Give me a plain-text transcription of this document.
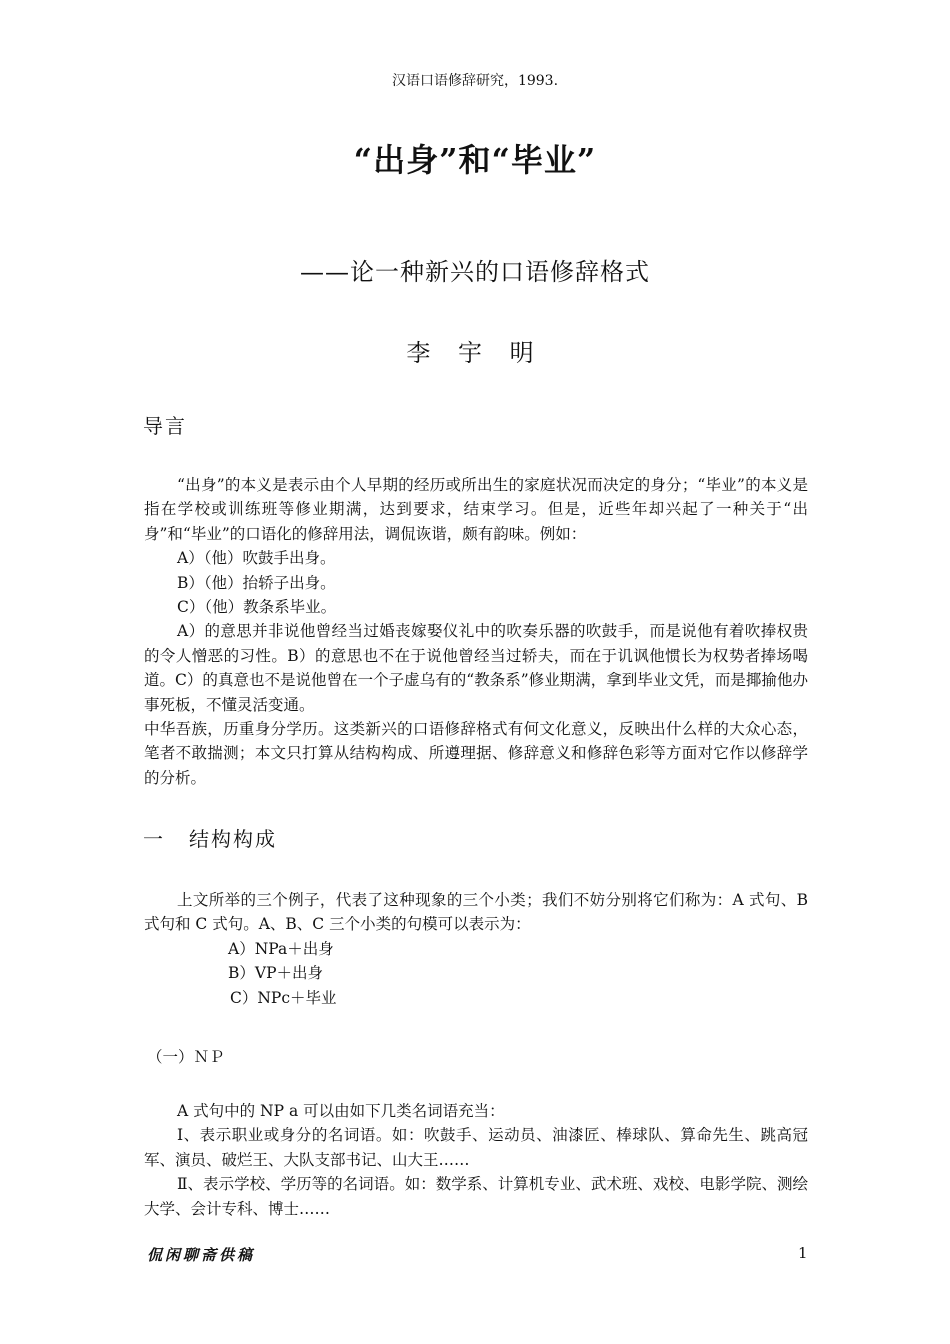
汉语口语修辞研究，1993.
“出身”和“毕业”
——论一种新兴的口语修辞格式
李 宇 明
导言

“出身”的本义是表示由个人早期的经历或所出生的家庭状况而决定的身分；“毕业”的本义是指在学校或训练班等修业期满，达到要求，结束学习。但是，近些年却兴起了一种关于“出身”和“毕业”的口语化的修辞用法，调侃诙谐，颇有韵味。例如：

A）（他）吹鼓手出身。

B）（他）抬轿子出身。

C）（他）教条系毕业。

A）的意思并非说他曾经当过婚丧嫁娶仪礼中的吹奏乐器的吹鼓手，而是说他有着吹捧权贵的令人憎恶的习性。B）的意思也不在于说他曾经当过轿夫，而在于讥讽他惯长为权势者捧场喝道。C）的真意也不是说他曾在一个子虚乌有的“教条系”修业期满，拿到毕业文凭，而是揶揄他办事死板，不懂灵活变通。

中华吾族，历重身分学历。这类新兴的口语修辞格式有何文化意义，反映出什么样的大众心态，笔者不敢揣测；本文只打算从结构构成、所遵理据、修辞意义和修辞色彩等方面对它作以修辞学的分析。

一 结构构成

上文所举的三个例子，代表了这种现象的三个小类；我们不妨分别将它们称为：A 式句、B 式句和 C 式句。A、B、C 三个小类的句模可以表示为：

A）NPa＋出身

B）VP＋出身

C）NPc＋毕业

（一）ＮＰ

A 式句中的 NP a 可以由如下几类名词语充当：

Ⅰ、表示职业或身分的名词语。如：吹鼓手、运动员、油漆匠、棒球队、算命先生、跳高冠军、演员、破烂王、大队支部书记、山大王……

Ⅱ、表示学校、学历等的名词语。如：数学系、计算机专业、武术班、戏校、电影学院、测绘大学、会计专科、博士……

侃闲聊斋供稿	1
